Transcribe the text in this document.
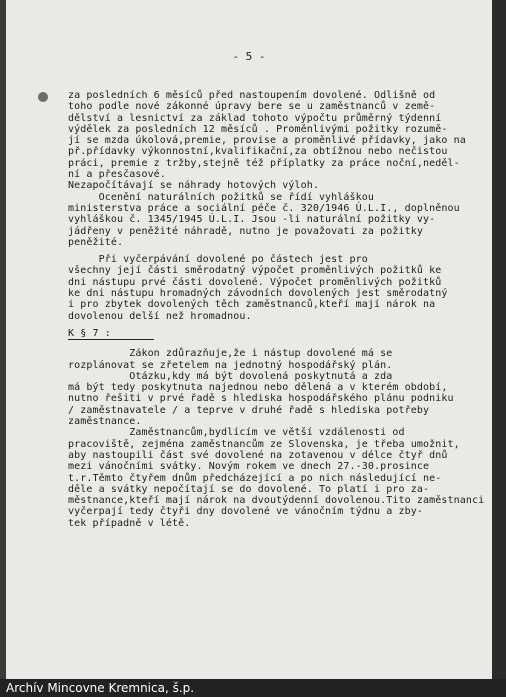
- 5 -
za posledních 6 měsíců před nastoupením dovolené. Odlišně od
toho podle nové zákonné úpravy bere se u zaměstnanců v země-
dělství a lesnictví za základ tohoto výpočtu průměrný týdenní
výdělek za posledních 12 měsíců . Proměnlivými požitky rozumě-
jí se mzda úkolová,premie, provise a proměnlivé přídavky, jako na
př.přídavky výkonnostní,kvalifikační,za obtížnou nebo nečistou
práci, premie z tržby,stejně též příplatky za práce noční,neděl-
ní a přesčasové.
Nezapočítávají se náhrady hotových výloh.
Ocenění naturálních požitků se řídí vyhláškou
ministerstva práce a sociální péče č. 320/1946 Ú.L.I., doplněnou
vyhláškou č. 1345/1945 Ú.L.I. Jsou -li naturální požitky vy-
jádřeny v peněžité náhradě, nutno je považovati za požitky
peněžité.
Při vyčerpávání dovolené po částech jest pro
všechny její části směrodatný výpočet proměnlivých požitků ke
dni nástupu prvé části dovolené. Výpočet proměnlivých požitků
ke dni nástupu hromadných závodních dovolených jest směrodatný
i pro zbytek dovolených těch zaměstnanců,kteří mají nárok na
dovolenou delší než hromadnou.
K § 7 :
Zákon zdůrazňuje,že i nástup dovolené má se
rozplánovat se zřetelem na jednotný hospodářský plán.
Otázku,kdy má být dovolená poskytnutá a zda
má být tedy poskytnuta najednou nebo dělená a v kterém období,
nutno řešiti v prvé řadě s hlediska hospodářského plánu podniku
/ zaměstnavatele / a teprve v druhé řadě s hlediska potřeby
zaměstnance.
Zaměstnancům,bydlícím ve větší vzdálenosti od
pracoviště, zejména zaměstnancům ze Slovenska, je třeba umožnit,
aby nastoupili část své dovolené na zotavenou v délce čtyř dnů
mezi vánočními svátky. Novým rokem ve dnech 27.-30.prosince
t.r.Těmto čtyřem dnům předcházející a po nich následující ne-
děle a svátky nepočítají se do dovolené. To platí i pro za-
městnance,kteří mají nárok na dvoutýdenní dovolenou.Tito zaměstnanci
vyčerpají tedy čtyři dny dovolené ve vánočním týdnu a zby-
tek případně v létě.
Archív Mincovne Kremnica, š.p.
